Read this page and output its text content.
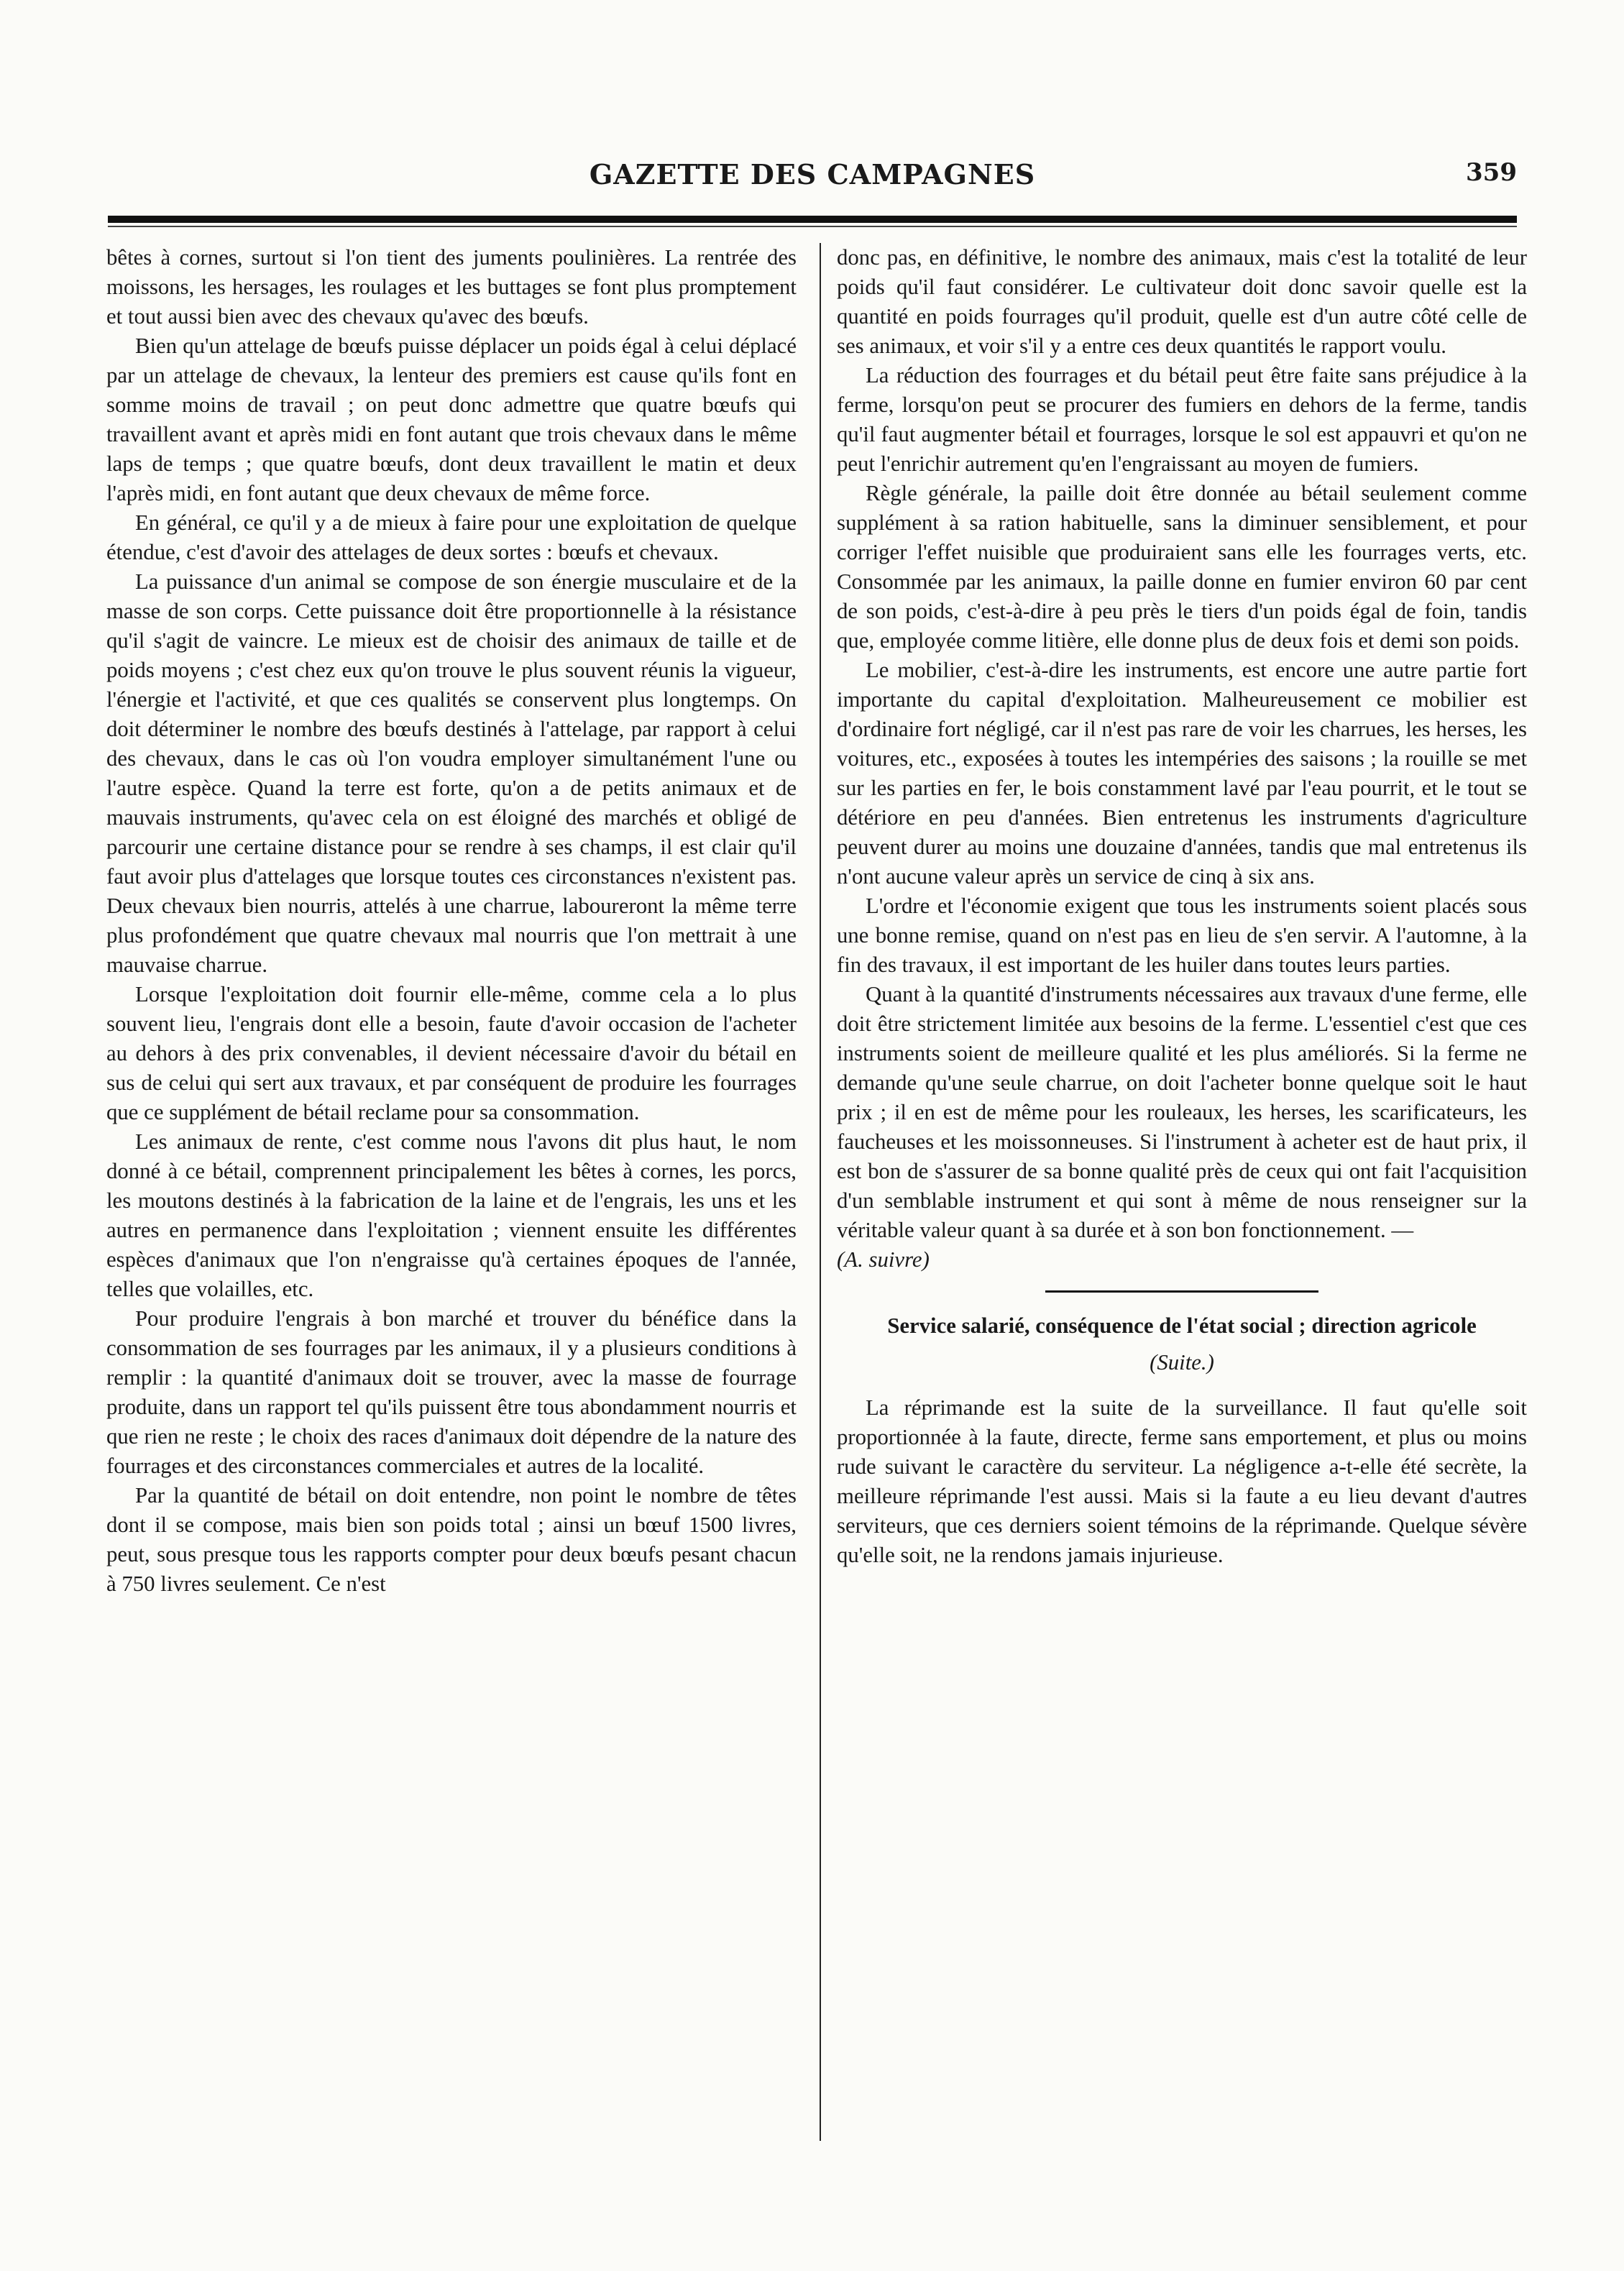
GAZETTE DES CAMPAGNES	359

bêtes à cornes, surtout si l'on tient des juments poulinières. La rentrée des moissons, les hersages, les roulages et les buttages se font plus promptement et tout aussi bien avec des chevaux qu'avec des bœufs.

Bien qu'un attelage de bœufs puisse déplacer un poids égal à celui déplacé par un attelage de chevaux, la lenteur des premiers est cause qu'ils font en somme moins de travail ; on peut donc admettre que quatre bœufs qui travaillent avant et après midi en font autant que trois chevaux dans le même laps de temps ; que quatre bœufs, dont deux travaillent le matin et deux l'après midi, en font autant que deux chevaux de même force.

En général, ce qu'il y a de mieux à faire pour une exploitation de quelque étendue, c'est d'avoir des attelages de deux sortes : bœufs et chevaux.

La puissance d'un animal se compose de son énergie musculaire et de la masse de son corps. Cette puissance doit être proportionnelle à la résistance qu'il s'agit de vaincre. Le mieux est de choisir des animaux de taille et de poids moyens ; c'est chez eux qu'on trouve le plus souvent réunis la vigueur, l'énergie et l'activité, et que ces qualités se conservent plus longtemps. On doit déterminer le nombre des bœufs destinés à l'attelage, par rapport à celui des chevaux, dans le cas où l'on voudra employer simultanément l'une ou l'autre espèce. Quand la terre est forte, qu'on a de petits animaux et de mauvais instruments, qu'avec cela on est éloigné des marchés et obligé de parcourir une certaine distance pour se rendre à ses champs, il est clair qu'il faut avoir plus d'attelages que lorsque toutes ces circonstances n'existent pas. Deux chevaux bien nourris, attelés à une charrue, laboureront la même terre plus profondément que quatre chevaux mal nourris que l'on mettrait à une mauvaise charrue.

Lorsque l'exploitation doit fournir elle-même, comme cela a lo plus souvent lieu, l'engrais dont elle a besoin, faute d'avoir occasion de l'acheter au dehors à des prix convenables, il devient nécessaire d'avoir du bétail en sus de celui qui sert aux travaux, et par conséquent de produire les fourrages que ce supplément de bétail reclame pour sa consommation.

Les animaux de rente, c'est comme nous l'avons dit plus haut, le nom donné à ce bétail, comprennent principalement les bêtes à cornes, les porcs, les moutons destinés à la fabrication de la laine et de l'engrais, les uns et les autres en permanence dans l'exploitation ; viennent ensuite les différentes espèces d'animaux que l'on n'engraisse qu'à certaines époques de l'année, telles que volailles, etc.

Pour produire l'engrais à bon marché et trouver du bénéfice dans la consommation de ses fourrages par les animaux, il y a plusieurs conditions à remplir : la quantité d'animaux doit se trouver, avec la masse de fourrage produite, dans un rapport tel qu'ils puissent être tous abondamment nourris et que rien ne reste ; le choix des races d'animaux doit dépendre de la nature des fourrages et des circonstances commerciales et autres de la localité.

Par la quantité de bétail on doit entendre, non point le nombre de têtes dont il se compose, mais bien son poids total ; ainsi un bœuf 1500 livres, peut, sous presque tous les rapports compter pour deux bœufs pesant chacun à 750 livres seulement. Ce n'est

donc pas, en définitive, le nombre des animaux, mais c'est la totalité de leur poids qu'il faut considérer. Le cultivateur doit donc savoir quelle est la quantité en poids fourrages qu'il produit, quelle est d'un autre côté celle de ses animaux, et voir s'il y a entre ces deux quantités le rapport voulu.

La réduction des fourrages et du bétail peut être faite sans préjudice à la ferme, lorsqu'on peut se procurer des fumiers en dehors de la ferme, tandis qu'il faut augmenter bétail et fourrages, lorsque le sol est appauvri et qu'on ne peut l'enrichir autrement qu'en l'engraissant au moyen de fumiers.

Règle générale, la paille doit être donnée au bétail seulement comme supplément à sa ration habituelle, sans la diminuer sensiblement, et pour corriger l'effet nuisible que produiraient sans elle les fourrages verts, etc. Consommée par les animaux, la paille donne en fumier environ 60 par cent de son poids, c'est-à-dire à peu près le tiers d'un poids égal de foin, tandis que, employée comme litière, elle donne plus de deux fois et demi son poids.

Le mobilier, c'est-à-dire les instruments, est encore une autre partie fort importante du capital d'exploitation. Malheureusement ce mobilier est d'ordinaire fort négligé, car il n'est pas rare de voir les charrues, les herses, les voitures, etc., exposées à toutes les intempéries des saisons ; la rouille se met sur les parties en fer, le bois constamment lavé par l'eau pourrit, et le tout se détériore en peu d'années. Bien entretenus les instruments d'agriculture peuvent durer au moins une douzaine d'années, tandis que mal entretenus ils n'ont aucune valeur après un service de cinq à six ans.

L'ordre et l'économie exigent que tous les instruments soient placés sous une bonne remise, quand on n'est pas en lieu de s'en servir. A l'automne, à la fin des travaux, il est important de les huiler dans toutes leurs parties.

Quant à la quantité d'instruments nécessaires aux travaux d'une ferme, elle doit être strictement limitée aux besoins de la ferme. L'essentiel c'est que ces instruments soient de meilleure qualité et les plus améliorés. Si la ferme ne demande qu'une seule charrue, on doit l'acheter bonne quelque soit le haut prix ; il en est de même pour les rouleaux, les herses, les scarificateurs, les faucheuses et les moissonneuses. Si l'instrument à acheter est de haut prix, il est bon de s'assurer de sa bonne qualité près de ceux qui ont fait l'acquisition d'un semblable instrument et qui sont à même de nous renseigner sur la véritable valeur quant à sa durée et à son bon fonctionnement. —

(A. suivre)

Service salarié, conséquence de l'état social ; direction agricole

(Suite.)

La réprimande est la suite de la surveillance. Il faut qu'elle soit proportionnée à la faute, directe, ferme sans emportement, et plus ou moins rude suivant le caractère du serviteur. La négligence a-t-elle été secrète, la meilleure réprimande l'est aussi. Mais si la faute a eu lieu devant d'autres serviteurs, que ces derniers soient témoins de la réprimande. Quelque sévère qu'elle soit, ne la rendons jamais injurieuse.
